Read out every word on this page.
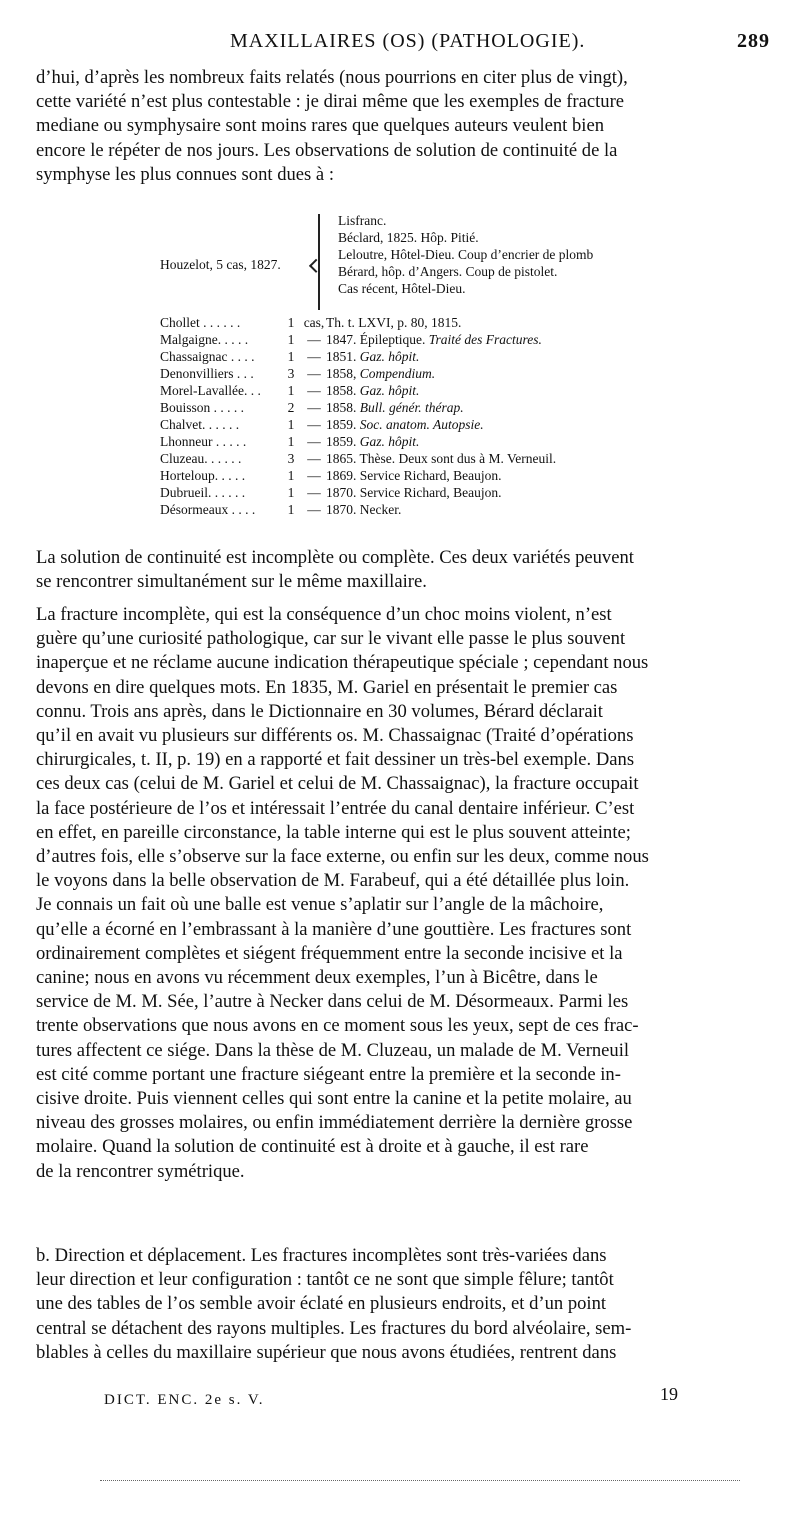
MAXILLAIRES (OS) (PATHOLOGIE).	289
d’hui, d’après les nombreux faits relatés (nous pourrions en citer plus de vingt),
cette variété n’est plus contestable : je dirai même que les exemples de fracture
mediane ou symphysaire sont moins rares que quelques auteurs veulent bien
encore le répéter de nos jours. Les observations de solution de continuité de la
symphyse les plus connues sont dues à :
Houzelot, 5 cas, 1827.
Lisfranc.
Béclard, 1825. Hôp. Pitié.
Leloutre, Hôtel-Dieu. Coup d’encrier de plomb
Bérard, hôp. d’Angers. Coup de pistolet.
Cas récent, Hôtel-Dieu.
Chollet . . . . . .	1 cas, Th. t. LXVI, p. 80, 1815.
Malgaigne. . . . .	1 — 1847. Épileptique. Traité des Fractures.
Chassaignac . . . .	1 — 1851. Gaz. hôpit.
Denonvilliers . . .	3 — 1858, Compendium.
Morel-Lavallée. . .	1 — 1858. Gaz. hôpit.
Bouisson . . . . .	2 — 1858. Bull. génér. thérap.
Chalvet. . . . . .	1 — 1859. Soc. anatom. Autopsie.
Lhonneur . . . . .	1 — 1859. Gaz. hôpit.
Cluzeau. . . . . .	3 — 1865. Thèse. Deux sont dus à M. Verneuil.
Horteloup. . . . .	1 — 1869. Service Richard, Beaujon.
Dubrueil. . . . . .	1 — 1870. Service Richard, Beaujon.
Désormeaux . . . .	1 — 1870. Necker.
La solution de continuité est incomplète ou complète. Ces deux variétés peuvent
se rencontrer simultanément sur le même maxillaire.
La fracture incomplète, qui est la conséquence d’un choc moins violent, n’est
guère qu’une curiosité pathologique, car sur le vivant elle passe le plus souvent
inaperçue et ne réclame aucune indication thérapeutique spéciale ; cependant nous
devons en dire quelques mots. En 1835, M. Gariel en présentait le premier cas
connu. Trois ans après, dans le Dictionnaire en 30 volumes, Bérard déclarait
qu’il en avait vu plusieurs sur différents os. M. Chassaignac (Traité d’opérations
chirurgicales, t. II, p. 19) en a rapporté et fait dessiner un très-bel exemple. Dans
ces deux cas (celui de M. Gariel et celui de M. Chassaignac), la fracture occupait
la face postérieure de l’os et intéressait l’entrée du canal dentaire inférieur. C’est
en effet, en pareille circonstance, la table interne qui est le plus souvent atteinte;
d’autres fois, elle s’observe sur la face externe, ou enfin sur les deux, comme nous
le voyons dans la belle observation de M. Farabeuf, qui a été détaillée plus loin.
Je connais un fait où une balle est venue s’aplatir sur l’angle de la mâchoire,
qu’elle a écorné en l’embrassant à la manière d’une gouttière. Les fractures sont
ordinairement complètes et siégent fréquemment entre la seconde incisive et la
canine; nous en avons vu récemment deux exemples, l’un à Bicêtre, dans le
service de M. M. Sée, l’autre à Necker dans celui de M. Désormeaux. Parmi les
trente observations que nous avons en ce moment sous les yeux, sept de ces frac-
tures affectent ce siége. Dans la thèse de M. Cluzeau, un malade de M. Verneuil
est cité comme portant une fracture siégeant entre la première et la seconde in-
cisive droite. Puis viennent celles qui sont entre la canine et la petite molaire, au
niveau des grosses molaires, ou enfin immédiatement derrière la dernière grosse
molaire. Quand la solution de continuité est à droite et à gauche, il est rare
de la rencontrer symétrique.
b. Direction et déplacement. Les fractures incomplètes sont très-variées dans
leur direction et leur configuration : tantôt ce ne sont que simple fêlure; tantôt
une des tables de l’os semble avoir éclaté en plusieurs endroits, et d’un point
central se détachent des rayons multiples. Les fractures du bord alvéolaire, sem-
blables à celles du maxillaire supérieur que nous avons étudiées, rentrent dans
DICT. ENC. 2e s. V.	19
